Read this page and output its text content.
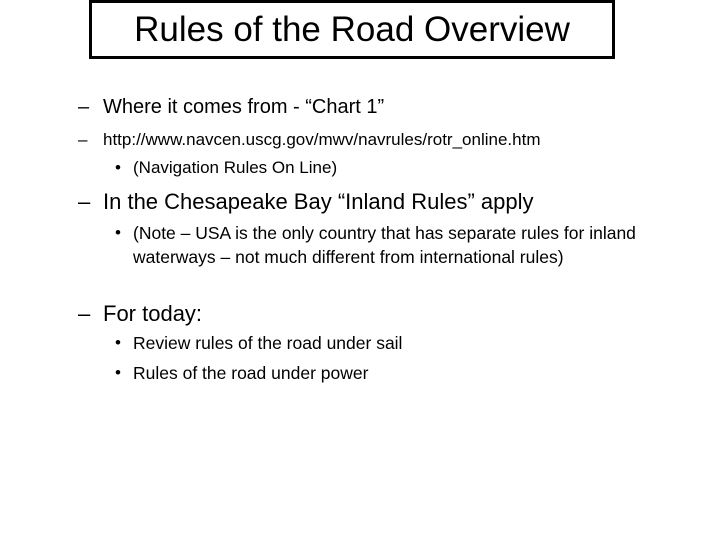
Rules of the Road Overview
– Where it comes from - “Chart 1”
– http://www.navcen.uscg.gov/mwv/navrules/rotr_online.htm
• (Navigation Rules On Line)
– In the Chesapeake Bay “Inland Rules” apply
• (Note – USA is the only country that has separate rules for inland waterways – not much different from international rules)
– For today:
• Review rules of the road under sail
• Rules of the road under power
